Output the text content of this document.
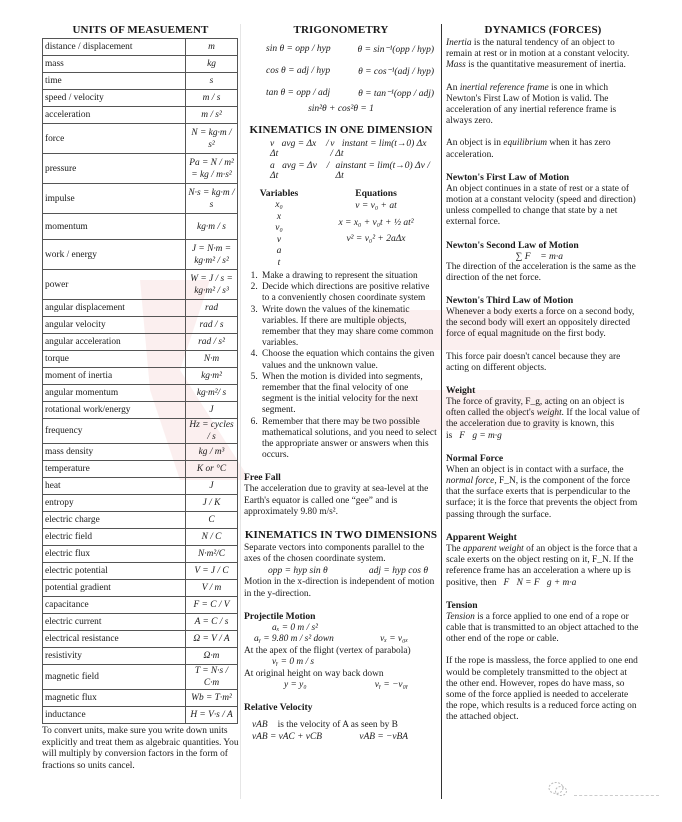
UNITS OF MEASUEMENT
distance / displacement	m
mass	kg
time	s
speed / velocity	m / s
acceleration	m / s²
force	N = kg·m / s²
pressure	Pa = N / m² = kg / m·s²
impulse	N·s = kg·m / s
momentum	kg·m / s
work / energy	J = N·m = kg·m² / s²
power	W = J / s = kg·m² / s³
angular displacement	rad
angular velocity	rad / s
angular acceleration	rad / s²
torque	N·m
moment of inertia	kg·m²
angular momentum	kg·m²/ s
rotational work/energy	J
frequency	Hz = cycles / s
mass density	kg / m³
temperature	K or °C
heat	J
entropy	J / K
electric charge	C
electric field	N / C
electric flux	N·m²/C
electric potential	V = J / C
potential gradient	V / m
capacitance	F = C / V
electric current	A = C / s
electrical resistance	Ω = V / A
resistivity	Ω·m
magnetic field	T = N·s / C·m
magnetic flux	Wb = T·m²
inductance	H = V·s / A
To convert units, make sure you write down units explicitly and treat them as algebraic quantities. You will multiply by conversion factors in the form of fractions so units cancel.
TRIGONOMETRY
sin θ = opp / hyp	θ = sin⁻¹(opp / hyp)
cos θ = adj / hyp	θ = cos⁻¹(adj / hyp)
tan θ = opp / adj	θ = tan⁻¹(opp / adj)
sin²θ + cos²θ = 1
KINEMATICS IN ONE DIMENSION
v⃗avg = Δx⃗ / Δt
v⃗instant = lim(t→0) Δx⃗ / Δt
a⃗avg = Δv⃗ / Δt
ainstant = lim(t→0) Δv / Δt
Variables
x₀
x
v₀
v
a
t
Equations
v = v₀ + at
x = x₀ + v₀t + ½ at²
v² = v₀² + 2aΔx
1. Make a drawing to represent the situation
2. Decide which directions are positive relative to a conveniently chosen coordinate system
3. Write down the values of the kinematic variables. If there are multiple objects, remember that they may share come common variables.
4. Choose the equation which contains the given values and the unknown value.
5. When the motion is divided into segments, remember that the final velocity of one segment is the initial velocity for the next segment.
6. Remember that there may be two possible mathematical solutions, and you need to select the appropriate answer or answers when this occurs.
Free Fall

The acceleration due to gravity at sea-level at the Earth's equator is called one “gee” and is approximately 9.80 m/s².

KINEMATICS IN TWO DIMENSIONS

Separate vectors into components parallel to the axes of the chosen coordinate system.

opp = hyp sin θ	adj = hyp cos θ

Motion in the x-direction is independent of motion in the y-direction.

Projectile Motion
aₓ = 0 m / s²
aᵧ = 9.80 m / s² down	vₓ = v₀ₓ

At the apex of the flight (vertex of parabola)

vᵧ = 0 m / s

At original height on way back down

y = y₀	vᵧ = −v₀ᵧ
Relative Velocity
vAB is the velocity of A as seen by B
vAB = vAC + vCB	vAB = −vBA
DYNAMICS (FORCES)

Inertia is the natural tendency of an object to remain at rest or in motion at a constant velocity. Mass is the quantitative measurement of inertia.

An inertial reference frame is one in which Newton's First Law of Motion is valid. The acceleration of any inertial reference frame is always zero.

An object is in equilibrium when it has zero acceleration.

Newton's First Law of Motion

An object continues in a state of rest or a state of motion at a constant velocity (speed and direction) unless compelled to change that state by a net external force.

Newton's Second Law of Motion
∑ F⃗ = m·a⃗

The direction of the acceleration is the same as the direction of the net force.

Newton's Third Law of Motion

Whenever a body exerts a force on a second body, the second body will exert an oppositely directed force of equal magnitude on the first body.

This force pair doesn't cancel because they are acting on different objects.

Weight

The force of gravity, F_g, acting on an object is often called the object's weight. If the local value of the acceleration due to gravity is known, this is F⃗g = m·g⃗

Normal Force

When an object is in contact with a surface, the normal force, F_N, is the component of the force that the surface exerts that is perpendicular to the surface; it is the force that prevents the object from passing through the surface.

Apparent Weight

The apparent weight of an object is the force that a scale exerts on the object resting on it, F_N. If the reference frame has an acceleration a where up is positive, then F⃗N = F⃗g + m·a⃗

Tension

Tension is a force applied to one end of a rope or cable that is transmitted to an object attached to the other end of the rope or cable.

If the rope is massless, the force applied to one end would be completely transmitted to the object at the other end. However, ropes do have mass, so some of the force applied is needed to accelerate the rope, which results is a reduced force acting on the attached object.
